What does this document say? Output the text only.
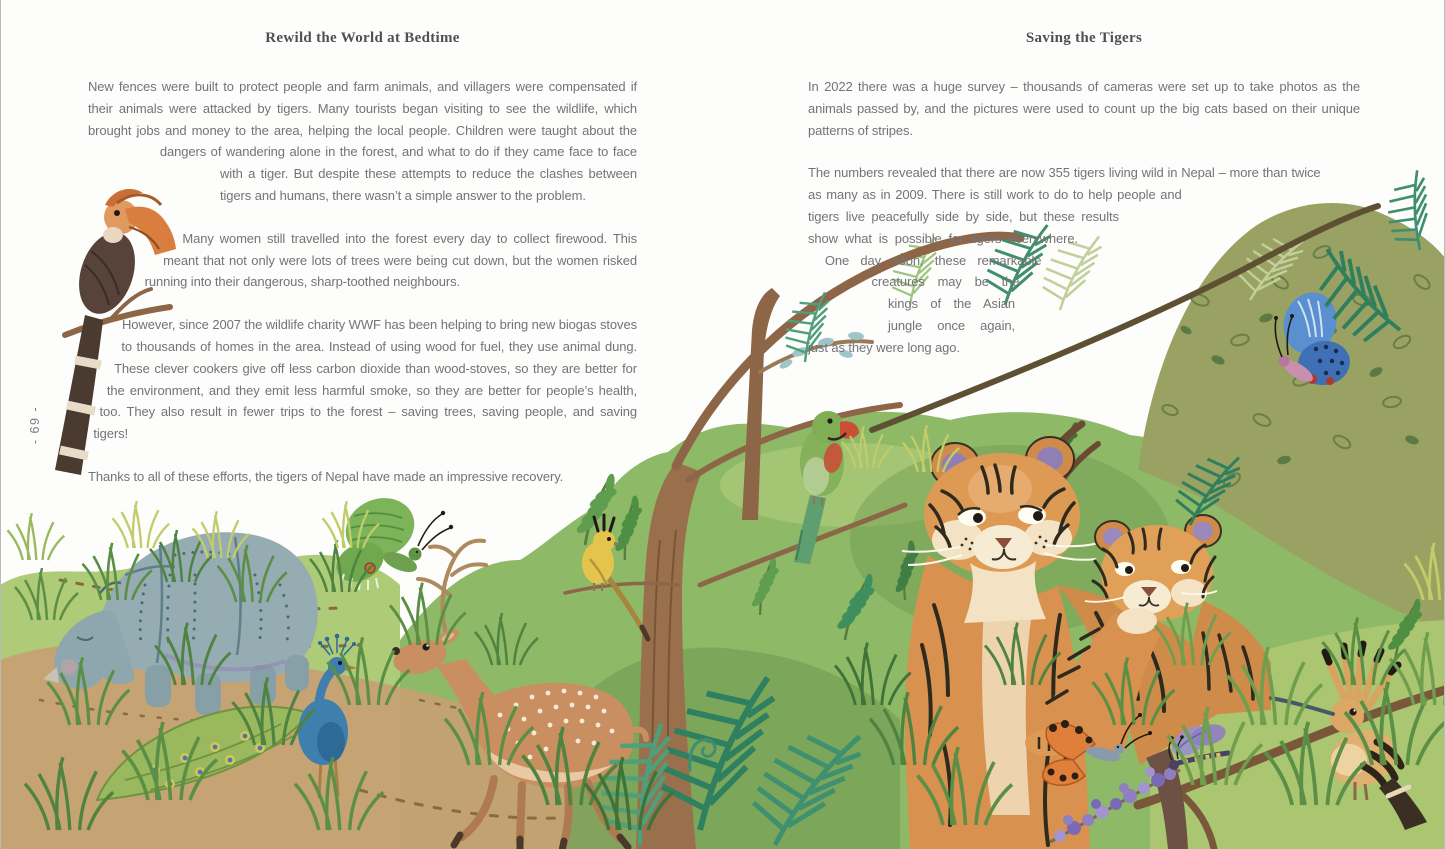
Rewild the World at Bedtime	Saving the Tigers

New fences were built to protect people and farm animals, and villagers were compensated if their animals were attacked by tigers. Many tourists began visiting to see the wildlife, which brought jobs and money to the area, helping the local people. Children were taught about the dangers of wandering alone in the forest, and what to do if they came face to face with a tiger. But despite these attempts to reduce the clashes between tigers and humans, there wasn’t a simple answer to the problem.

Many women still travelled into the forest every day to collect firewood. This meant that not only were lots of trees were being cut down, but the women risked running into their dangerous, sharp-toothed neighbours.

However, since 2007 the wildlife charity WWF has been helping to bring new biogas stoves to thousands of homes in the area. Instead of using wood for fuel, they use animal dung. These clever cookers give off less carbon dioxide than wood-stoves, so they are better for the environment, and they emit less harmful smoke, so they are better for people’s health, too. They also result in fewer trips to the forest – saving trees, saving people, and saving tigers!

Thanks to all of these efforts, the tigers of Nepal have made an impressive recovery.

In 2022 there was a huge survey – thousands of cameras were set up to take photos as the animals passed by, and the pictures were used to count up the big cats based on their unique patterns of stripes.

The numbers revealed that there are now 355 tigers living wild in Nepal – more than twice as many as in 2009. There is still work to do to help people and tigers live peacefully side by side, but these results show what is possible for tigers everywhere. One day soon, these remarkable creatures may be the kings of the Asian jungle once again, just as they were long ago.

- 69 -
